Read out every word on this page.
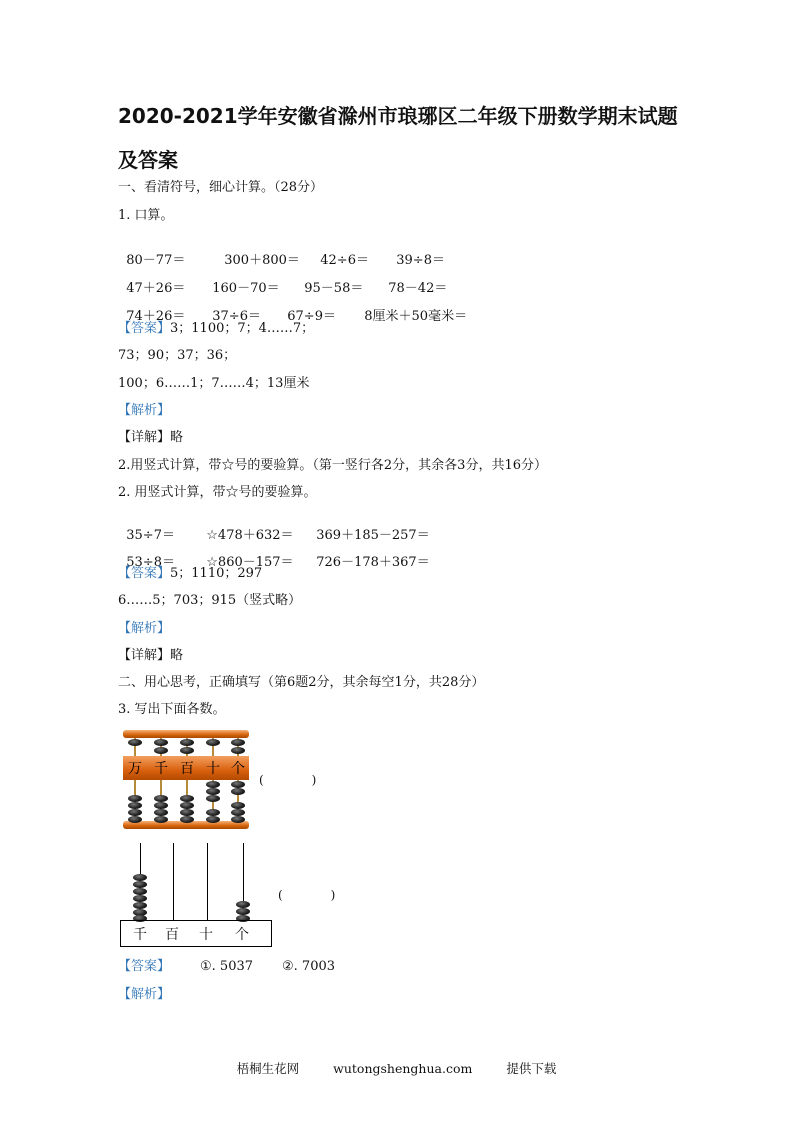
2020-2021学年安徽省滁州市琅琊区二年级下册数学期末试题及答案
一、看清符号，细心计算。（28分）
1. 口算。

80－77＝	300＋800＝ 42÷6＝ 39÷8＝

47＋26＝ 160－70＝ 95－58＝ 78－42＝

74＋26＝ 37÷6＝ 67÷9＝ 8厘米＋50毫米＝

【答案】3；1100；7；4……7；
73；90；37；36；
100；6……1；7……4；13厘米
【解析】
【详解】略
2.用竖式计算，带☆号的要验算。（第一竖行各2分，其余各3分，共16分）
2. 用竖式计算，带☆号的要验算。

35÷7＝ ☆478＋632＝ 369＋185－257＝

53÷8＝ ☆860－157＝ 726－178＋367＝

【答案】5；1110；297
6……5；703；915（竖式略）
【解析】
【详解】略
二、用心思考，正确填写（第6题2分，其余每空1分，共28分）
3. 写出下面各数。
万 千 百 十 个
(　　　　)
千 百 十 个
(　　　　)
【答案】 ①. 5037 ②. 7003
【解析】
梧桐生花网	wutongshenghua.com	提供下载
